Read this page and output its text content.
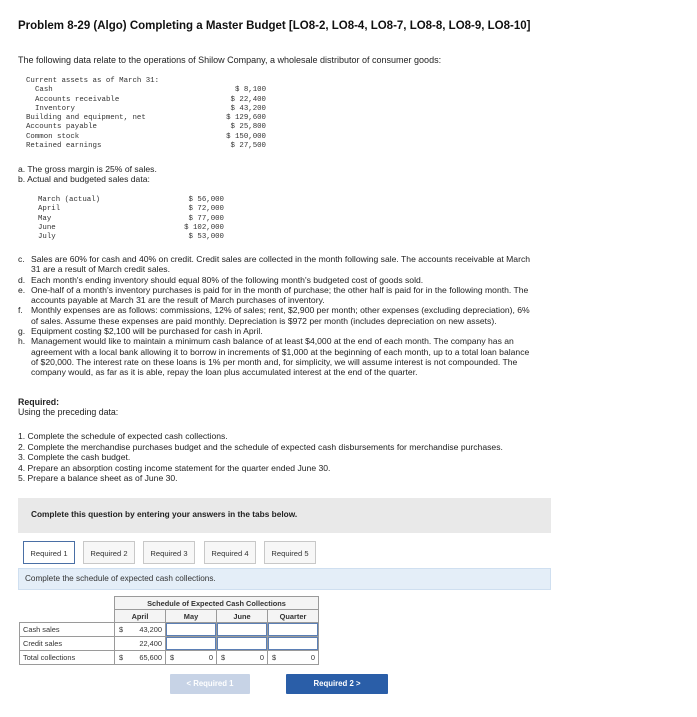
Problem 8-29 (Algo) Completing a Master Budget [LO8-2, LO8-4, LO8-7, LO8-8, LO8-9, LO8-10]
The following data relate to the operations of Shilow Company, a wholesale distributor of consumer goods:
Current assets as of March 31:
Cash	$ 8,100
Accounts receivable	$ 22,400
Inventory	$ 43,200
Building and equipment, net	$ 129,600
Accounts payable	$ 25,800
Common stock	$ 150,000
Retained earnings	$ 27,500
a. The gross margin is 25% of sales.
b. Actual and budgeted sales data:
March (actual)	$ 56,000
April	$ 72,000
May	$ 77,000
June	$ 102,000
July	$ 53,000
c. Sales are 60% for cash and 40% on credit. Credit sales are collected in the month following sale. The accounts receivable at March
31 are a result of March credit sales.
d. Each month's ending inventory should equal 80% of the following month's budgeted cost of goods sold.
e. One-half of a month's inventory purchases is paid for in the month of purchase; the other half is paid for in the following month. The
accounts payable at March 31 are the result of March purchases of inventory.
f. Monthly expenses are as follows: commissions, 12% of sales; rent, $2,900 per month; other expenses (excluding depreciation), 6%
of sales. Assume these expenses are paid monthly. Depreciation is $972 per month (includes depreciation on new assets).
g. Equipment costing $2,100 will be purchased for cash in April.
h. Management would like to maintain a minimum cash balance of at least $4,000 at the end of each month. The company has an
agreement with a local bank allowing it to borrow in increments of $1,000 at the beginning of each month, up to a total loan balance
of $20,000. The interest rate on these loans is 1% per month and, for simplicity, we will assume interest is not compounded. The
company would, as far as it is able, repay the loan plus accumulated interest at the end of the quarter.
Required:
Using the preceding data:
1. Complete the schedule of expected cash collections.
2. Complete the merchandise purchases budget and the schedule of expected cash disbursements for merchandise purchases.
3. Complete the cash budget.
4. Prepare an absorption costing income statement for the quarter ended June 30.
5. Prepare a balance sheet as of June 30.
Complete this question by entering your answers in the tabs below.
Required 1	Required 2	Required 3	Required 4	Required 5
Complete the schedule of expected cash collections.
	Schedule of Expected Cash Collections			
	April	May	June	Quarter
Cash sales	$ 43,200			

Credit sales	22,400			

Total collections	$ 65,600	$ 0	$ 0	$ 0
< Required 1	Required 2 >
